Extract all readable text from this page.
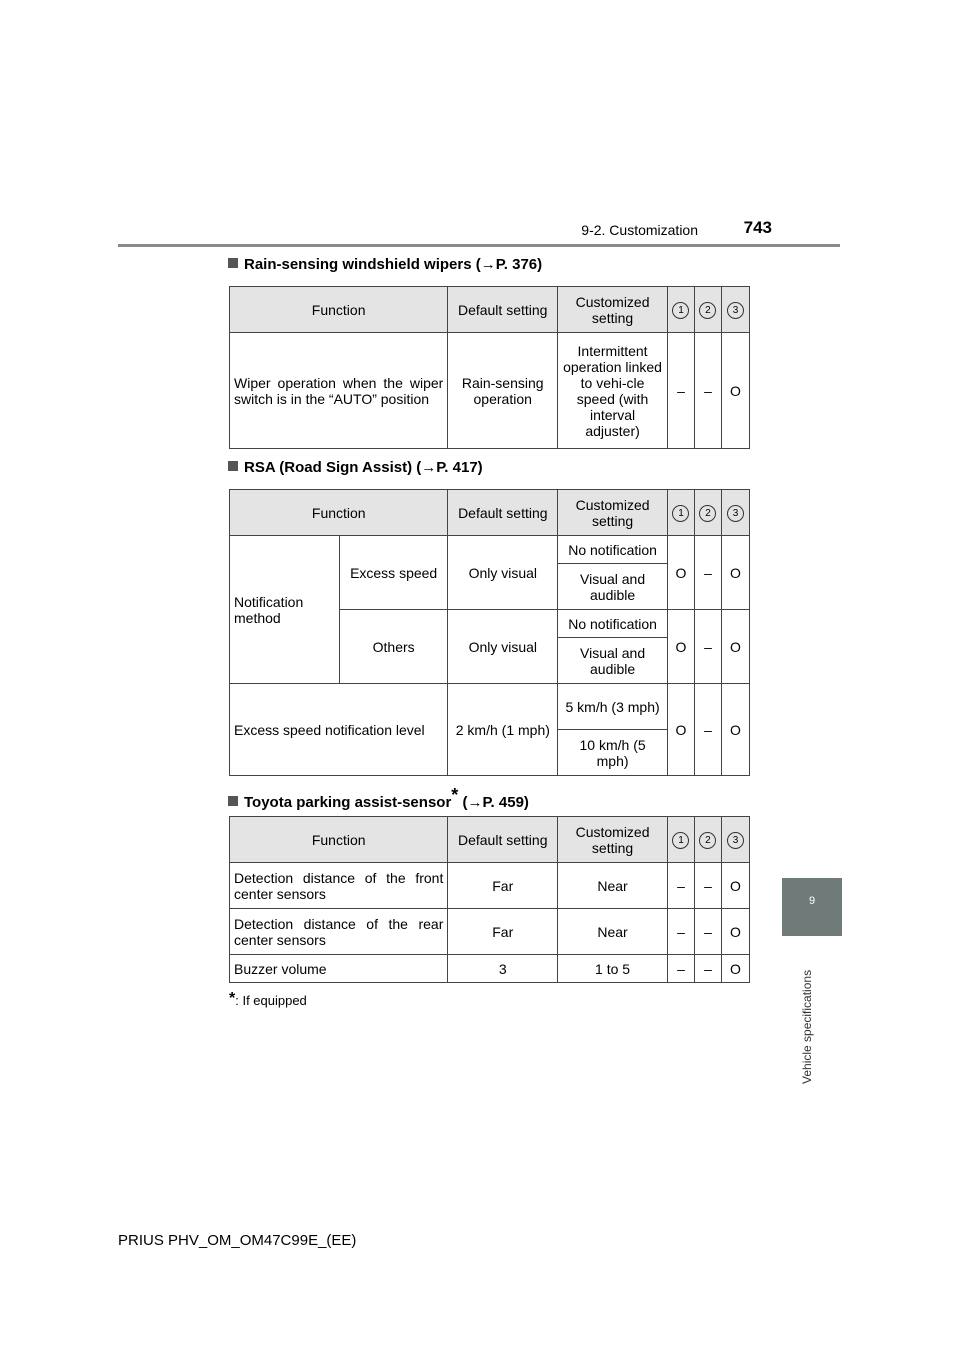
9-2. Customization	743
9
Vehicle specifications
Rain-sensing windshield wipers (→P. 376)
Function	Default setting	Customized setting	1	2	3
Wiper operation when the wiper switch is in the “AUTO” position	Rain-sensing operation	Intermittent operation linked to vehi-cle speed (with interval adjuster)	–	–	O
RSA (Road Sign Assist) (→P. 417)
Function		Default setting	Customized setting	1	2	3
Notification method	Excess speed	Only visual	No notification	O	–	O
			Visual and audible			
	Others	Only visual	No notification	O	–	O
			Visual and audible			
Excess speed notification level		2 km/h (1 mph)	5 km/h (3 mph)	O	–	O
			10 km/h (5 mph)			
Toyota parking assist-sensor* (→P. 459)
Function	Default setting	Customized setting	1	2	3
Detection distance of the front center sensors	Far	Near	–	–	O
Detection distance of the rear center sensors	Far	Near	–	–	O
Buzzer volume	3	1 to 5	–	–	O
*: If equipped
PRIUS PHV_OM_OM47C99E_(EE)
